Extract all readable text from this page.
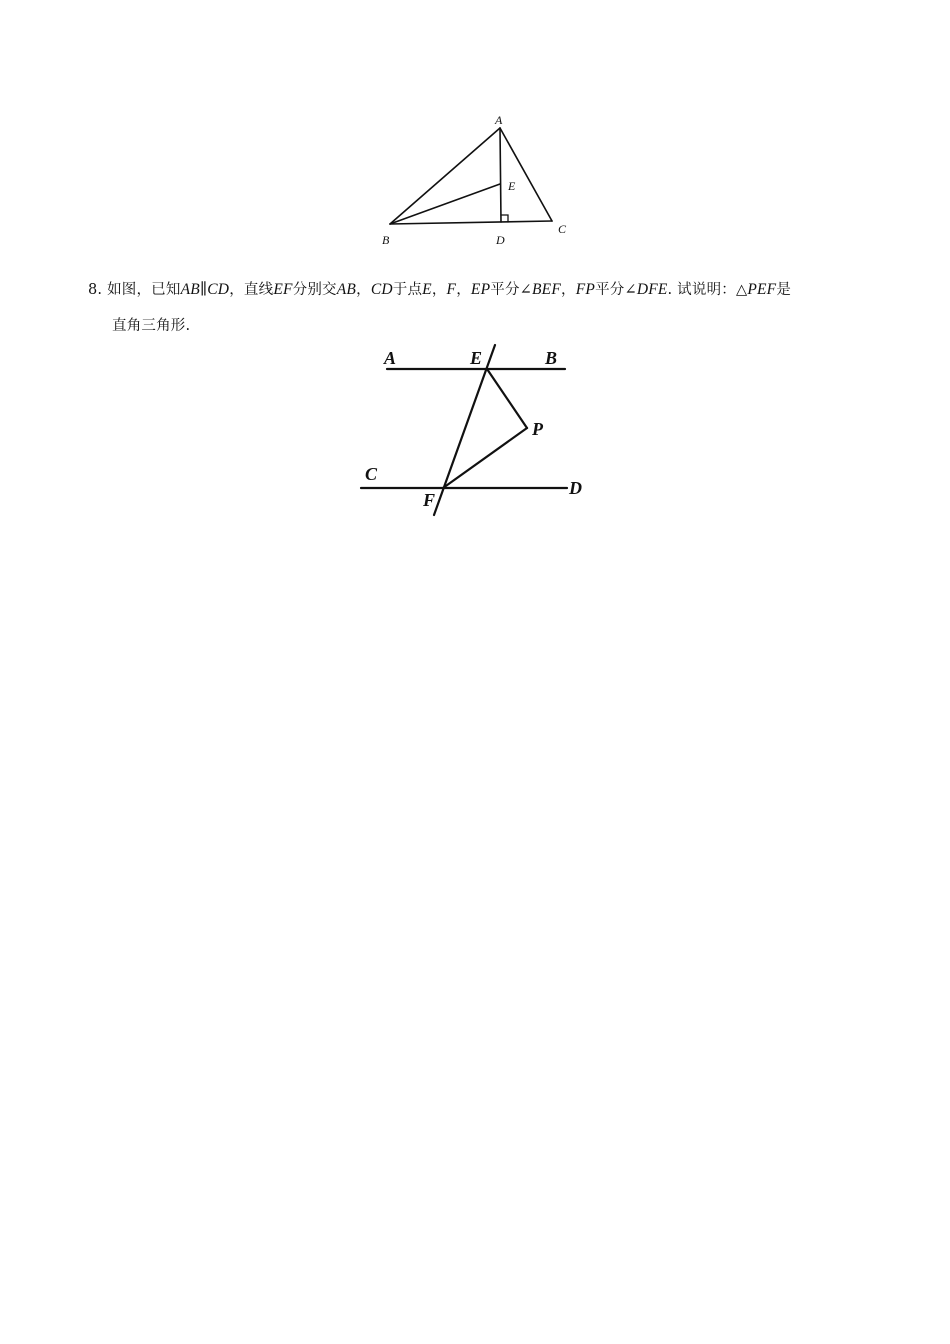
A
B
C
D
E
8. 如图，已知AB∥CD，直线EF分别交AB，CD于点E，F，EP平分∠BEF，FP平分∠DFE. 试说明：△PEF是
直角三角形.
A	E	B
P
C
D
F
